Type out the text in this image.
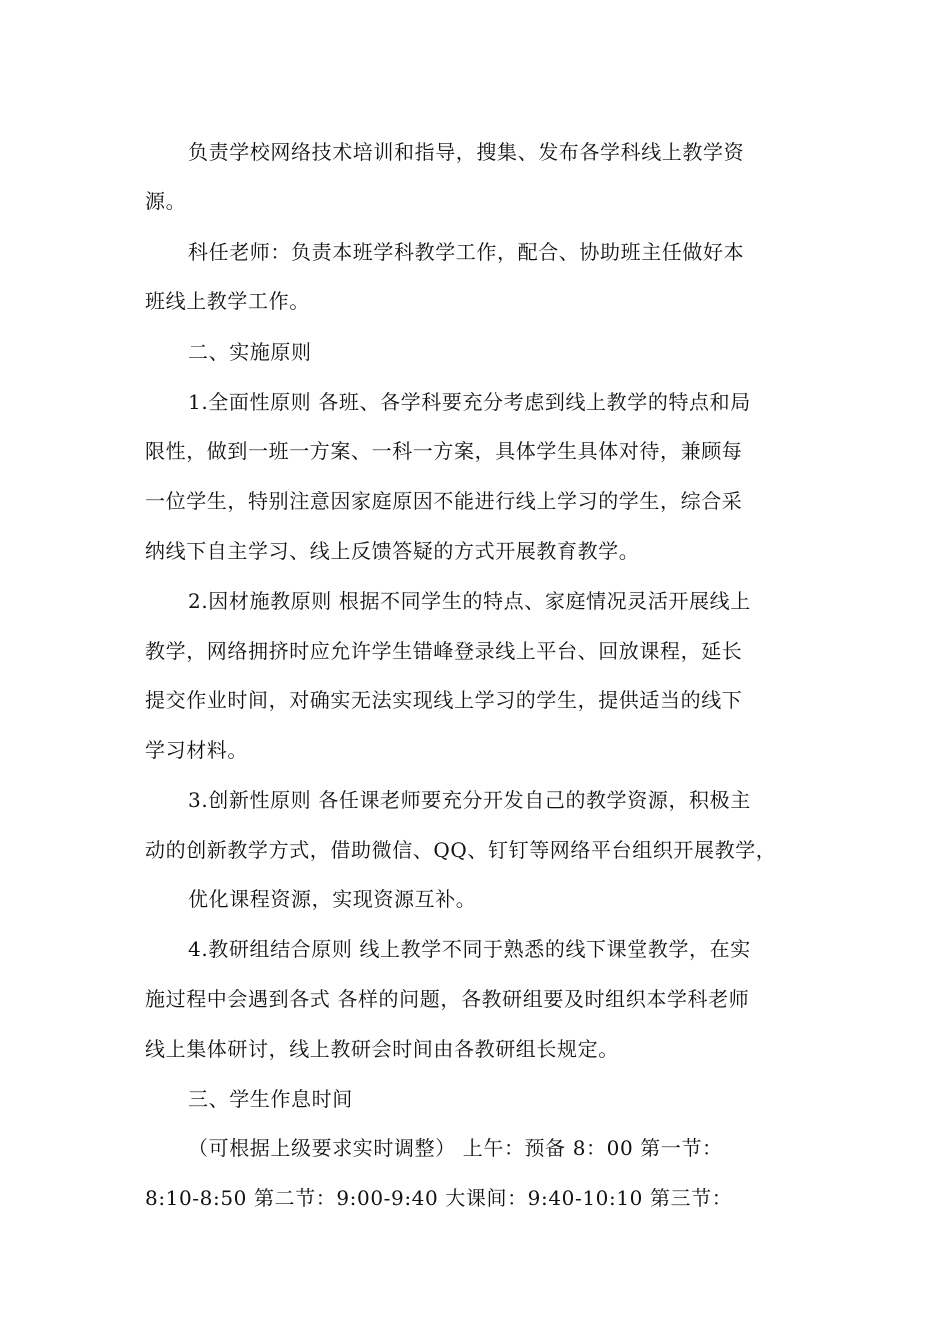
负责学校网络技术培训和指导，搜集、发布各学科线上教学资
源。
科任老师：负责本班学科教学工作，配合、协助班主任做好本
班线上教学工作。
二、实施原则
1.全面性原则 各班、各学科要充分考虑到线上教学的特点和局
限性，做到一班一方案、一科一方案，具体学生具体对待，兼顾每
一位学生，特别注意因家庭原因不能进行线上学习的学生，综合采
纳线下自主学习、线上反馈答疑的方式开展教育教学。
2.因材施教原则 根据不同学生的特点、家庭情况灵活开展线上
教学，网络拥挤时应允许学生错峰登录线上平台、回放课程，延长
提交作业时间，对确实无法实现线上学习的学生，提供适当的线下
学习材料。
3.创新性原则 各任课老师要充分开发自己的教学资源，积极主
动的创新教学方式，借助微信、QQ、钉钉等网络平台组织开展教学，
优化课程资源，实现资源互补。
4.教研组结合原则 线上教学不同于熟悉的线下课堂教学，在实
施过程中会遇到各式 各样的问题，各教研组要及时组织本学科老师
线上集体研讨，线上教研会时间由各教研组长规定。
三、学生作息时间
（可根据上级要求实时调整） 上午：预备 8：00 第一节：
8:10-8:50 第二节：9:00-9:40 大课间：9:40-10:10 第三节：
